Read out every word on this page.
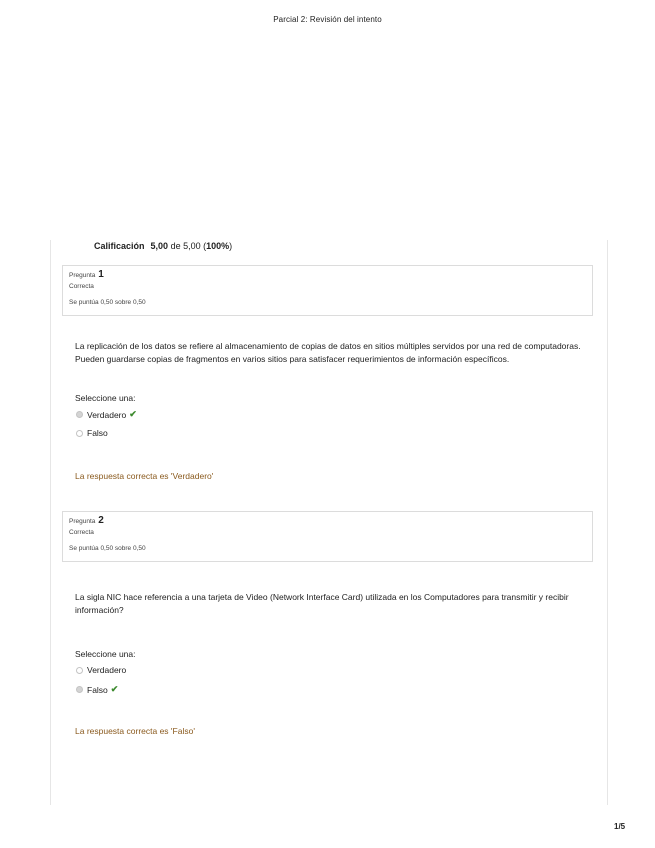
Parcial 2: Revisión del intento
Calificación 5,00 de 5,00 (100%)
Pregunta 1
Correcta
Se puntúa 0,50 sobre 0,50
La replicación de los datos se refiere al almacenamiento de copias de datos en sitios múltiples servidos por una red de computadoras. Pueden guardarse copias de fragmentos en varios sitios para satisfacer requerimientos de información específicos.
Seleccione una:
Verdadero ✔
Falso
La respuesta correcta es 'Verdadero'
Pregunta 2
Correcta
Se puntúa 0,50 sobre 0,50
La sigla NIC hace referencia a una tarjeta de Video (Network Interface Card) utilizada en los Computadores para transmitir y recibir información?
Seleccione una:
Verdadero
Falso ✔
La respuesta correcta es 'Falso'
1/5
